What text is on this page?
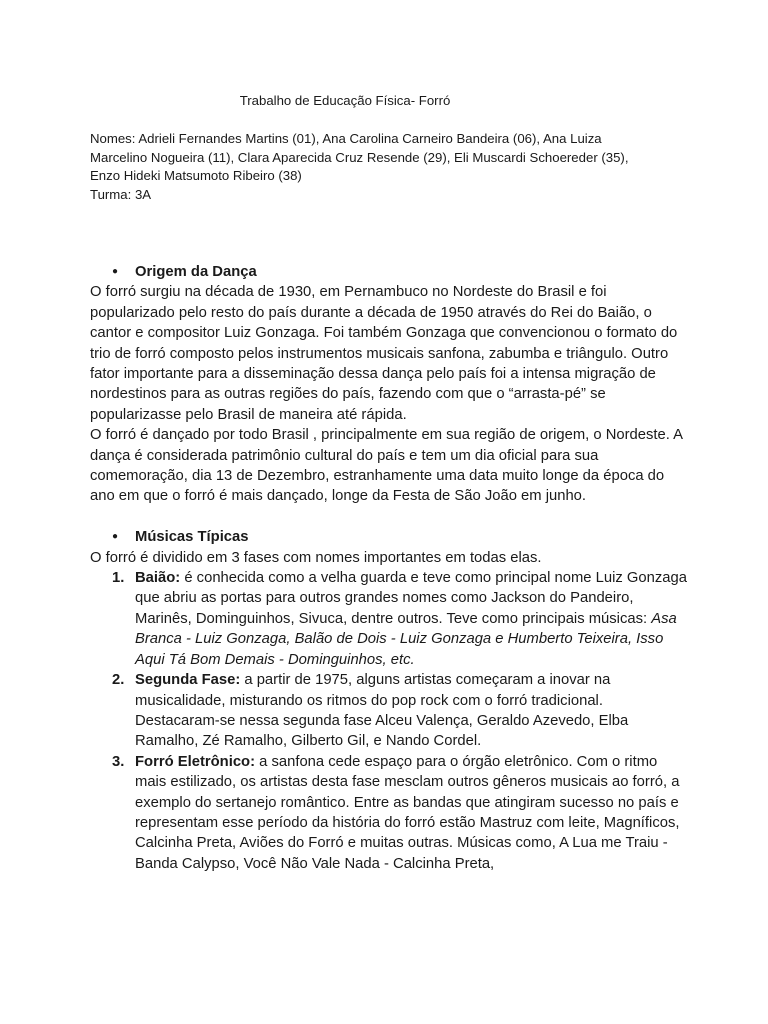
Trabalho de Educação Física- Forró
Nomes: Adrieli Fernandes Martins (01), Ana Carolina Carneiro Bandeira (06), Ana Luiza
Marcelino Nogueira (11), Clara Aparecida Cruz Resende (29), Eli Muscardi Schoereder (35),
Enzo Hideki Matsumoto Ribeiro (38)
Turma: 3A
● Origem da Dança

O forró surgiu na década de 1930, em Pernambuco no Nordeste do Brasil e foi popularizado pelo resto do país durante a década de 1950 através do Rei do Baião, o cantor e compositor Luiz Gonzaga. Foi também Gonzaga que convencionou o formato do trio de forró composto pelos instrumentos musicais sanfona, zabumba e triângulo. Outro fator importante para a disseminação dessa dança pelo país foi a intensa migração de nordestinos para as outras regiões do país, fazendo com que o “arrasta-pé” se popularizasse pelo Brasil de maneira até rápida.

O forró é dançado por todo Brasil , principalmente em sua região de origem, o Nordeste. A dança é considerada patrimônio cultural do país e tem um dia oficial para sua comemoração, dia 13 de Dezembro, estranhamente uma data muito longe da época do ano em que o forró é mais dançado, longe da Festa de São João em junho.

● Músicas Típicas

O forró é dividido em 3 fases com nomes importantes em todas elas.

1. Baião: é conhecida como a velha guarda e teve como principal nome Luiz Gonzaga que abriu as portas para outros grandes nomes como Jackson do Pandeiro, Marinês, Dominguinhos, Sivuca, dentre outros. Teve como principais músicas: Asa Branca - Luiz Gonzaga, Balão de Dois - Luiz Gonzaga e Humberto Teixeira, Isso Aqui Tá Bom Demais - Dominguinhos, etc.
2. Segunda Fase: a partir de 1975, alguns artistas começaram a inovar na musicalidade, misturando os ritmos do pop rock com o forró tradicional. Destacaram-se nessa segunda fase Alceu Valença, Geraldo Azevedo, Elba Ramalho, Zé Ramalho, Gilberto Gil, e Nando Cordel.
3. Forró Eletrônico: a sanfona cede espaço para o órgão eletrônico. Com o ritmo mais estilizado, os artistas desta fase mesclam outros gêneros musicais ao forró, a exemplo do sertanejo romântico. Entre as bandas que atingiram sucesso no país e representam esse período da história do forró estão Mastruz com leite, Magníficos, Calcinha Preta, Aviões do Forró e muitas outras. Músicas como, A Lua me Traiu - Banda Calypso, Você Não Vale Nada - Calcinha Preta,
